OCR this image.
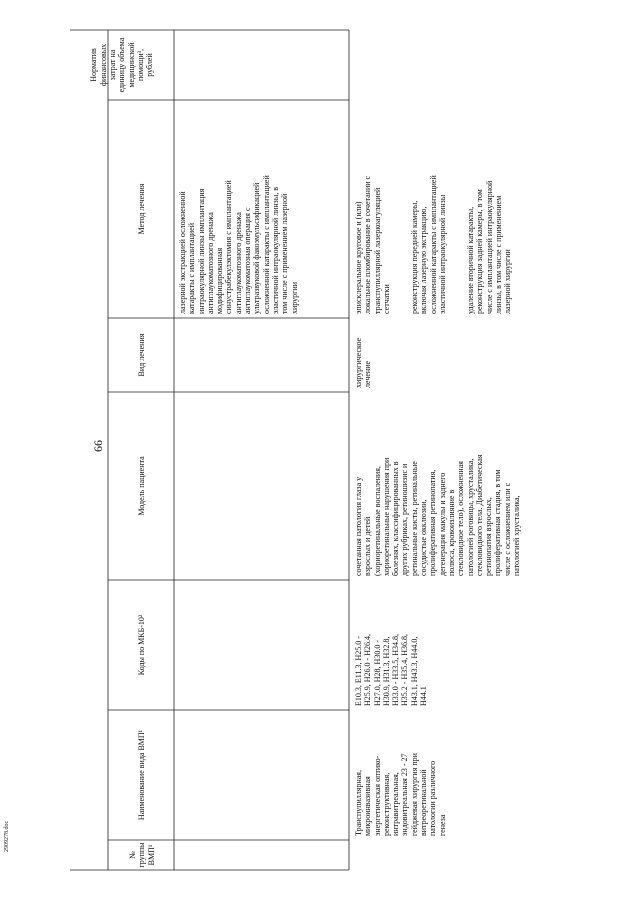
66
№
группы
ВМП¹
Наименование вида ВМП¹
Коды по МКБ-10²
Модель пациента
Вид лечения
Метод лечения
Норматив
финансовых
затрат на
единицу объема
медицинской
помощи³,
рублей
лазерной экстракцией осложненной
катаракты с имплантацией
интраокулярной линзы имплантация
антиглаукоматозного дренажа
модифицированная
синустрабекулэктомия с имплантацией
антиглаукоматозного дренажа
антиглаукоматозная операция с
ультразвуковой факоэмульсификацией
осложненной катаракты с имплантацией
эластичной интраокулярной линзы, в
том числе с применением лазерной
хирургии
Транспупиллярная,
микроинвазивная
энергетическая оптико-
реконструктивная,
интравитреальная,
эндовитреальная 23 - 27
гейджевая хирургия при
витреоретинальной
патологии различного
генеза
E10.3, E11.3, H25.0 -
H25.9, H26.0 - H26.4,
H27.0, H28, H30.0 -
H30.9, H31.3, H32.8,
H33.0 - H33.5, H34.8,
H35.2 - H35.4, H36.8,
H43.1, H43.3, H44.0,
H44.1
сочетанная патология глаза у
взрослых и детей
(хориоретинальные воспаления,
хориоретинальные нарушения при
болезнях, классифицированных в
других рубриках, ретиношизис и
ретинальные кисты, ретинальные
сосудистые окклюзии,
пролиферативная ретинопатия,
дегенерация макулы и заднего
полюса, кровоизлияние в
стекловидное тело), осложненная
патологией роговицы, хрусталика,
стекловидного тела. Диабетическая
ретинопатия взрослых,
пролиферативная стадия, в том
числе с осложнением или с
патологией хрусталика,
хирургическое
лечение
эписклеральное круговое и (или)
локальное пломбирование в сочетании с
транспупиллярной лазеркоагуляцией
сетчатки	реконструкция передней камеры,
включая лазерную экстракцию,
осложненной катаракты с имплантацией
эластичной интраокулярной линзы
удаление вторичной катаракты,
реконструкция задней камеры, в том
числе с имплантацией интраокулярной
линзы, в том числе с применением
лазерной хирургии
2909278.doc
